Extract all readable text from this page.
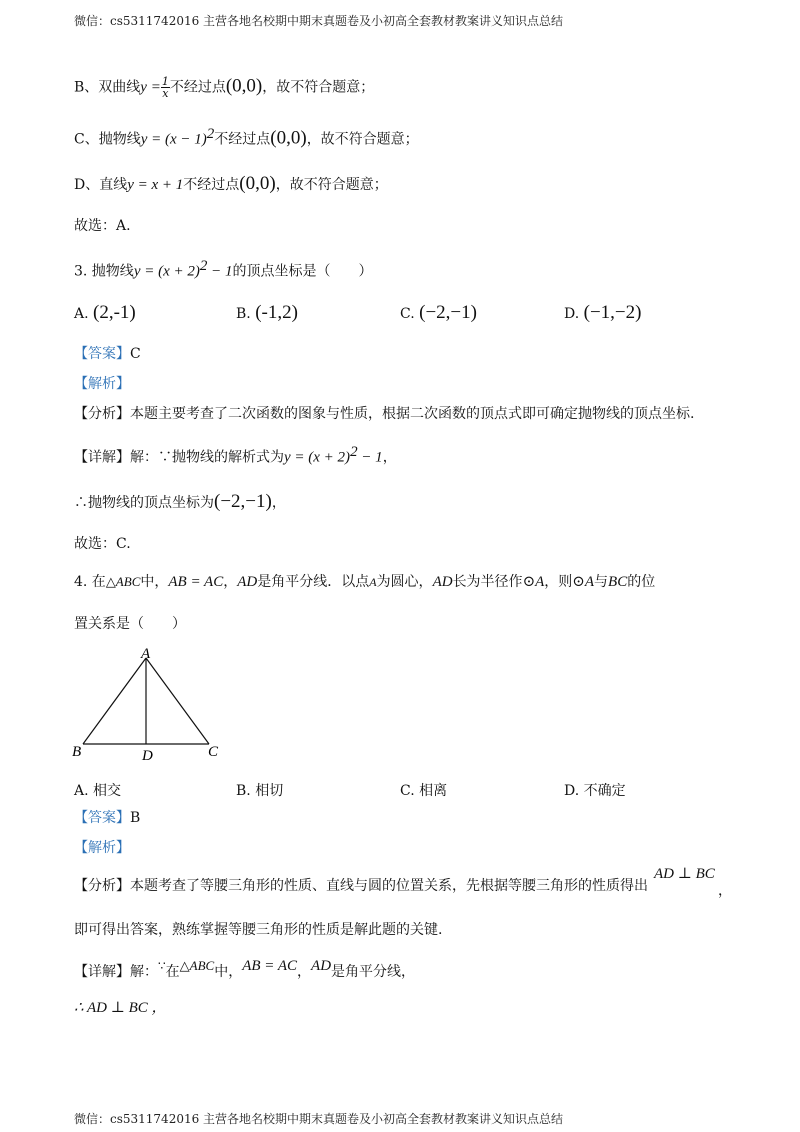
微信：cs5311742016 主营各地名校期中期末真题卷及小初高全套教材教案讲义知识点总结
B、双曲线$y = \frac{1}{x}$ 不经过点(0,0)，故不符合题意；
C、抛物线$y = (x - 1)^2$不经过点(0,0)，故不符合题意；
D、直线y = x + 1不经过点(0,0)，故不符合题意；
故选：A.
3. 抛物线$y = (x + 2)^2 - 1$的顶点坐标是（　　）
A. (2,-1)	B. (-1,2)	C. (−2,−1)	D. (−1,−2)
【答案】C
【解析】
【分析】本题主要考查了二次函数的图象与性质，根据二次函数的顶点式即可确定抛物线的顶点坐标.
【详解】解：∵抛物线的解析式为$y = (x + 2)^2 - 1$，
∴抛物线的顶点坐标为(−2,−1)，
故选：C.
4. 在△ABC中，AB = AC，AD是角平分线．以点A为圆心，AD长为半径作⊙A，则⊙A与BC的位
置关系是（　　）
A
B	D	C
A. 相交	B. 相切	C. 相离	D. 不确定
【答案】B
【解析】
【分析】本题考查了等腰三角形的性质、直线与圆的位置关系，先根据等腰三角形的性质得出
AD ⊥ BC
，
即可得出答案，熟练掌握等腰三角形的性质是解此题的关键.
【详解】解：∵在△ABC中，AB = AC，AD是角平分线，
∴ AD ⊥ BC ，
微信：cs5311742016 主营各地名校期中期末真题卷及小初高全套教材教案讲义知识点总结
